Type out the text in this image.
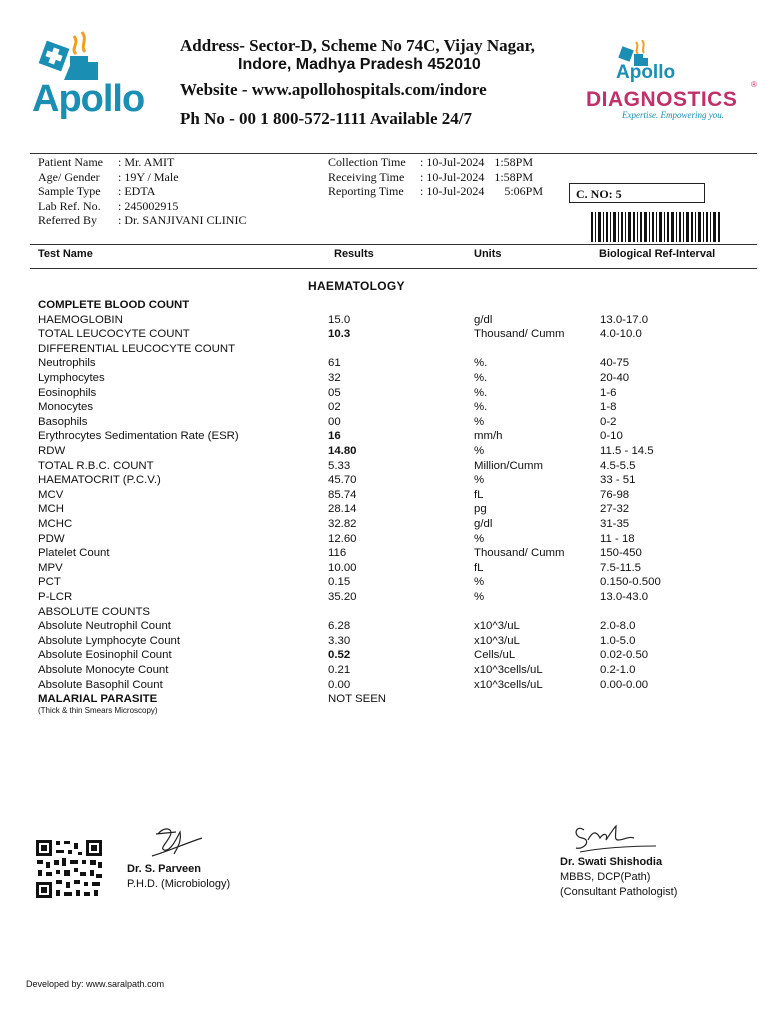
Apollo
Address- Sector-D, Scheme No 74C, Vijay Nagar,
Indore, Madhya Pradesh 452010
Website - www.apollohospitals.com/indore
Ph No - 00 1 800-572-1111 Available 24/7
Apollo
®
DIAGNOSTICS
Expertise. Empowering you.
Patient Name	: Mr. AMIT
Age/ Gender	: 19Y / Male
Sample Type	: EDTA
Lab Ref. No.	: 245002915
Referred By	: Dr. SANJIVANI CLINIC
Collection Time	: 10-Jul-2024 1:58PM
Receiving Time	: 10-Jul-2024 1:58PM
Reporting Time	: 10-Jul-2024 5:06PM	C. NO: 5
Test Name	Results	Units	Biological Ref-Interval
HAEMATOLOGY
COMPLETE BLOOD COUNT
HAEMOGLOBIN	15.0	g/dl	13.0-17.0
TOTAL LEUCOCYTE COUNT	10.3	Thousand/ Cumm	4.0-10.0
DIFFERENTIAL LEUCOCYTE COUNT
Neutrophils	61	%.	40-75
Lymphocytes	32	%.	20-40
Eosinophils	05	%.	1-6
Monocytes	02	%.	1-8
Basophils	00	%	0-2
Erythrocytes Sedimentation Rate (ESR)	16	mm/h	0-10
RDW	14.80	%	11.5 - 14.5
TOTAL R.B.C. COUNT	5.33	Million/Cumm	4.5-5.5
HAEMATOCRIT (P.C.V.)	45.70	%	33 - 51
MCV	85.74	fL	76-98
MCH	28.14	pg	27-32
MCHC	32.82	g/dl	31-35
PDW	12.60	%	11 - 18
Platelet Count	116	Thousand/ Cumm	150-450
MPV	10.00	fL	7.5-11.5
PCT	0.15	%	0.150-0.500
P-LCR	35.20	%	13.0-43.0
ABSOLUTE COUNTS
Absolute Neutrophil Count	6.28	x10^3/uL	2.0-8.0
Absolute Lymphocyte Count	3.30	x10^3/uL	1.0-5.0
Absolute Eosinophil Count	0.52	Cells/uL	0.02-0.50
Absolute Monocyte Count	0.21	x10^3cells/uL	0.2-1.0
Absolute Basophil Count	0.00	x10^3cells/uL	0.00-0.00
MALARIAL PARASITE	NOT SEEN
(Thick & thin Smears Microscopy)
Dr. S. Parveen
P.H.D. (Microbiology)
Dr. Swati Shishodia
MBBS, DCP(Path)
(Consultant Pathologist)
Developed by: www.saralpath.com
